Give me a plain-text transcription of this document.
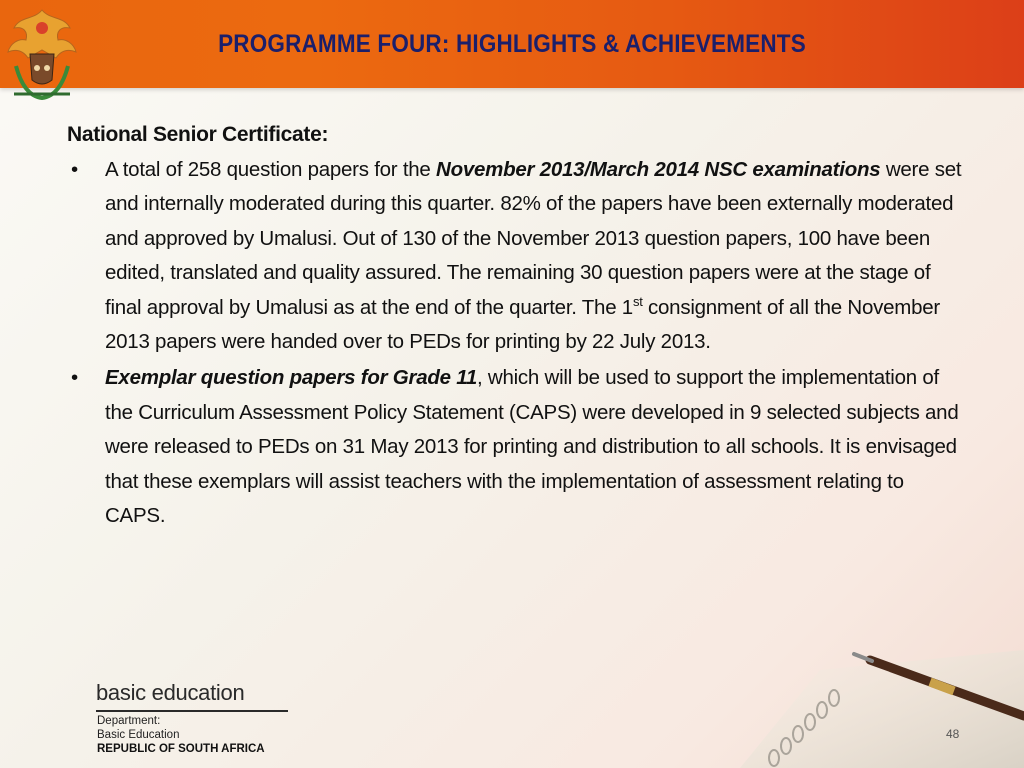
PROGRAMME FOUR: HIGHLIGHTS & ACHIEVEMENTS
National Senior Certificate:
• A total of 258 question papers for the November 2013/March 2014 NSC examinations were set and internally moderated during this quarter. 82% of the papers have been externally moderated and approved by Umalusi. Out of 130 of the November 2013 question papers, 100 have been edited, translated and quality assured. The remaining 30 question papers were at the stage of final approval by Umalusi as at the end of the quarter. The 1st consignment of all the November 2013 papers were handed over to PEDs for printing by 22 July 2013.
• Exemplar question papers for Grade 11, which will be used to support the implementation of the Curriculum Assessment Policy Statement (CAPS) were developed in 9 selected subjects and were released to PEDs on 31 May 2013 for printing and distribution to all schools. It is envisaged that these exemplars will assist teachers with the implementation of assessment relating to CAPS.
basic education
Department:
Basic Education
REPUBLIC OF SOUTH AFRICA
48
